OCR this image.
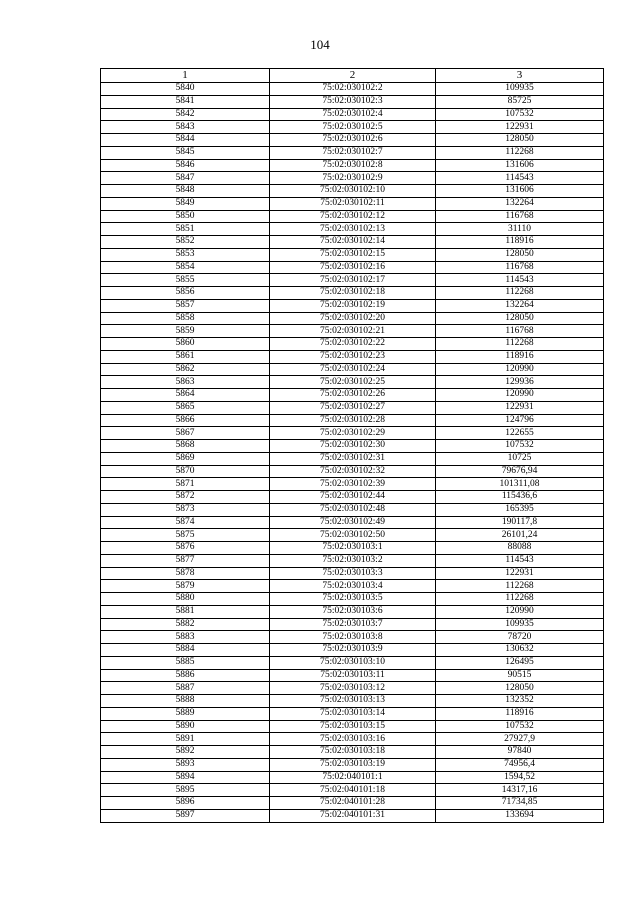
104
1	2	3
5840	75:02:030102:2	109935
5841	75:02:030102:3	85725
5842	75:02:030102:4	107532
5843	75:02:030102:5	122931
5844	75:02:030102:6	128050
5845	75:02:030102:7	112268
5846	75:02:030102:8	131606
5847	75:02:030102:9	114543
5848	75:02:030102:10	131606
5849	75:02:030102:11	132264
5850	75:02:030102:12	116768
5851	75:02:030102:13	31110
5852	75:02:030102:14	118916
5853	75:02:030102:15	128050
5854	75:02:030102:16	116768
5855	75:02:030102:17	114543
5856	75:02:030102:18	112268
5857	75:02:030102:19	132264
5858	75:02:030102:20	128050
5859	75:02:030102:21	116768
5860	75:02:030102:22	112268
5861	75:02:030102:23	118916
5862	75:02:030102:24	120990
5863	75:02:030102:25	129936
5864	75:02:030102:26	120990
5865	75:02:030102:27	122931
5866	75:02:030102:28	124796
5867	75:02:030102:29	122655
5868	75:02:030102:30	107532
5869	75:02:030102:31	10725
5870	75:02:030102:32	79676,94
5871	75:02:030102:39	101311,08
5872	75:02:030102:44	115436,6
5873	75:02:030102:48	165395
5874	75:02:030102:49	190117,8
5875	75:02:030102:50	26101,24
5876	75:02:030103:1	88088
5877	75:02:030103:2	114543
5878	75:02:030103:3	122931
5879	75:02:030103:4	112268
5880	75:02:030103:5	112268
5881	75:02:030103:6	120990
5882	75:02:030103:7	109935
5883	75:02:030103:8	78720
5884	75:02:030103:9	130632
5885	75:02:030103:10	126495
5886	75:02:030103:11	90515
5887	75:02:030103:12	128050
5888	75:02:030103:13	132352
5889	75:02:030103:14	118916
5890	75:02:030103:15	107532
5891	75:02:030103:16	27927,9
5892	75:02:030103:18	97840
5893	75:02:030103:19	74956,4
5894	75:02:040101:1	1594,52
5895	75:02:040101:18	14317,16
5896	75:02:040101:28	71734,85
5897	75:02:040101:31	133694
